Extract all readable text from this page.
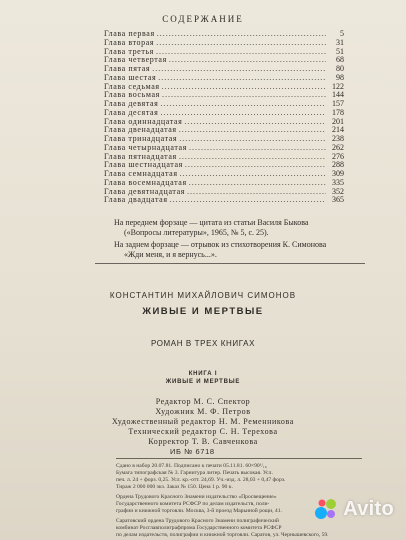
СОДЕРЖАНИЕ
Глава первая .....	5
Глава вторая .....	31
Глава третья .....	51
Глава четвертая .....	68
Глава пятая .....	80
Глава шестая .....	98
Глава седьмая .....	122
Глава восьмая .....	144
Глава девятая .....	157
Глава десятая .....	178
Глава одиннадцатая .....	201
Глава двенадцатая .....	214
Глава тринадцатая .....	238
Глава четырнадцатая .....	262
Глава пятнадцатая .....	276
Глава шестнадцатая .....	288
Глава семнадцатая .....	309
Глава восемнадцатая .....	335
Глава девятнадцатая .....	352
Глава двадцатая .....	365
На переднем форзаце — цитата из статьи Василя Быкова
(«Вопросы литературы», 1965, № 5, с. 25).
На заднем форзаце — отрывок из стихотворения К. Симонова
«Жди меня, и я вернусь...».
КОНСТАНТИН МИХАЙЛОВИЧ СИМОНОВ
ЖИВЫЕ И МЕРТВЫЕ
РОМАН В ТРЕХ КНИГАХ
КНИГА I
ЖИВЫЕ И МЕРТВЫЕ
Редактор М. С. Спектор
Художник М. Ф. Петров
Художественный редактор Н. М. Ременникова
Технический редактор С. Н. Терехова
Корректор Т. В. Савченкова
ИБ № 6718
Сдано в набор 20.07.81. Подписано к печати 05.11.81. 60×90¹/₁₆
Бумага типографская № 3. Гарнитура литер. Печать высокая. Усл.
печ. л. 24 + форз. 0,25. Усл. кр.-отт. 24,69. Уч.-изд. л. 28,03 + 0,47 форз.
Тираж 2 000 000 экз. Заказ № 150. Цена 1 р. 90 к.
Ордена Трудового Красного Знамени издательство «Просвещение»
Государственного комитета РСФСР по делам издательств, поли-
графии и книжной торговли. Москва, 3-й проезд Марьиной рощи, 41.
Саратовский ордена Трудового Красного Знамени полиграфический
комбинат Росглавполиграфпрома Государственного комитета РСФСР
по делам издательств, полиграфии и книжной торговли. Саратов, ул. Чернышевского, 59.
Avito
